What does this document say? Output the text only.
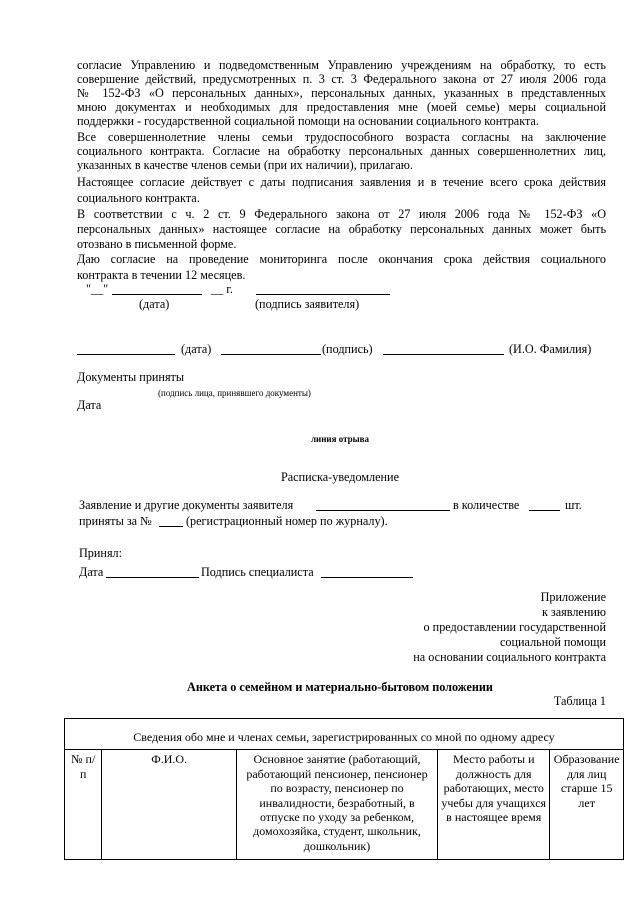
согласие Управлению и подведомственным Управлению учреждениям на обработку, то есть
совершение действий, предусмотренных п. 3 ст. 3 Федерального закона от 27 июля 2006 года
№ 152-ФЗ «О персональных данных», персональных данных, указанных в представленных
мною документах и необходимых для предоставления мне (моей семье) меры социальной
поддержки - государственной социальной помощи на основании социального контракта.
Все совершеннолетние члены семьи трудоспособного возраста согласны на заключение
социального контракта. Согласие на обработку персональных данных совершеннолетних лиц,
указанных в качестве членов семьи (при их наличии), прилагаю.
Настоящее согласие действует с даты подписания заявления и в течение всего срока действия
социального контракта.
В соответствии с ч. 2 ст. 9 Федерального закона от 27 июля 2006 года № 152-ФЗ «О
персональных данных» настоящее согласие на обработку персональных данных может быть
отозвано в письменной форме.
Даю согласие на проведение мониторинга после окончания срока действия социального
контракта в течении 12 месяцев.
"__"	__ г.
(дата)	(подпись заявителя)
(дата)	(подпись)	(И.О. Фамилия)
Документы приняты
(подпись лица, принявшего документы)
Дата
линия отрыва
Расписка-уведомление
Заявление и другие документы заявителя	в количестве	шт.
приняты за №	(регистрационный номер по журналу).
Принял:
Дата	Подпись специалиста
Приложение
к заявлению
о предоставлении государственной
социальной помощи
на основании социального контракта
Анкета о семейном и материально-бытовом положении
Таблица 1
Сведения обо мне и членах семьи, зарегистрированных со мной по одному адресу
№ п/п	Ф.И.О.	Основное занятие (работающий, работающий пенсионер, пенсионер по возрасту, пенсионер по инвалидности, безработный, в отпуске по уходу за ребенком, домохозяйка, студент, школьник, дошкольник)	Место работы и должность для работающих, место учебы для учащихся в настоящее время	Образование для лиц старше 15 лет
